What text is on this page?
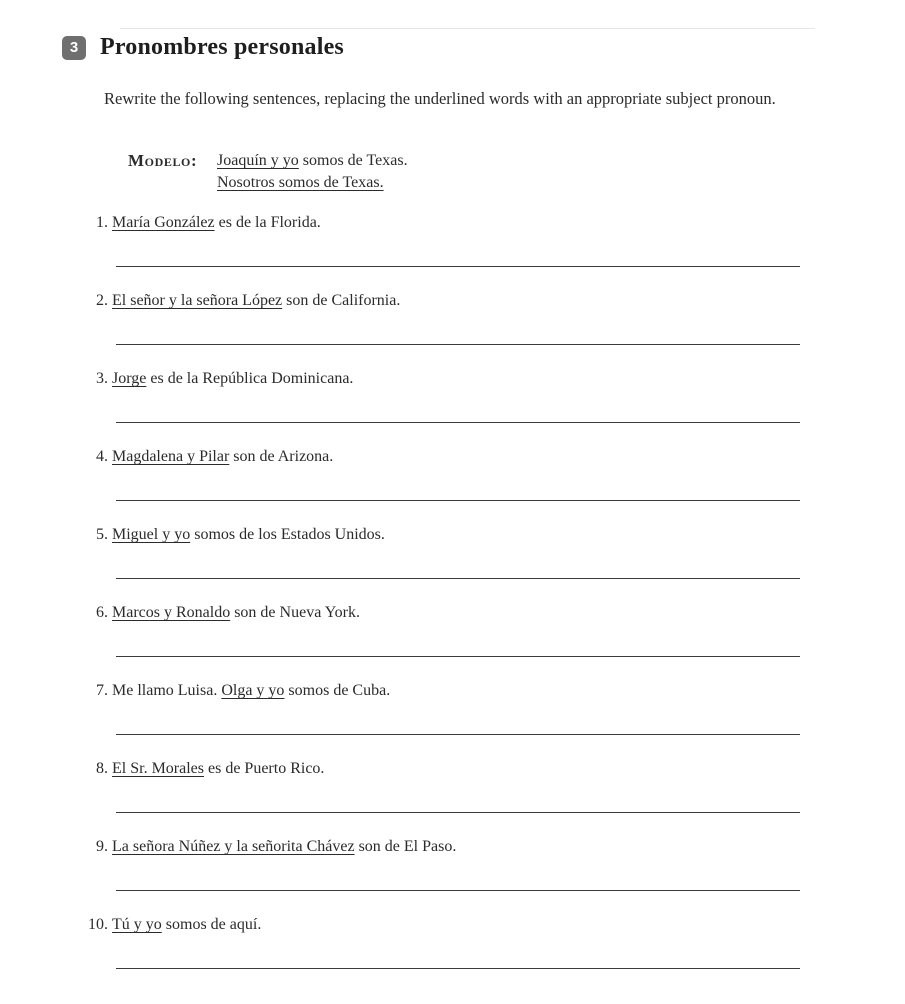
3 Pronombres personales
Rewrite the following sentences, replacing the underlined words with an appropriate subject pronoun.
Modelo: Joaquín y yo somos de Texas.
Nosotros somos de Texas.
1. María González es de la Florida.
2. El señor y la señora López son de California.
3. Jorge es de la República Dominicana.
4. Magdalena y Pilar son de Arizona.
5. Miguel y yo somos de los Estados Unidos.
6. Marcos y Ronaldo son de Nueva York.
7. Me llamo Luisa. Olga y yo somos de Cuba.
8. El Sr. Morales es de Puerto Rico.
9. La señora Núñez y la señorita Chávez son de El Paso.
10. Tú y yo somos de aquí.
